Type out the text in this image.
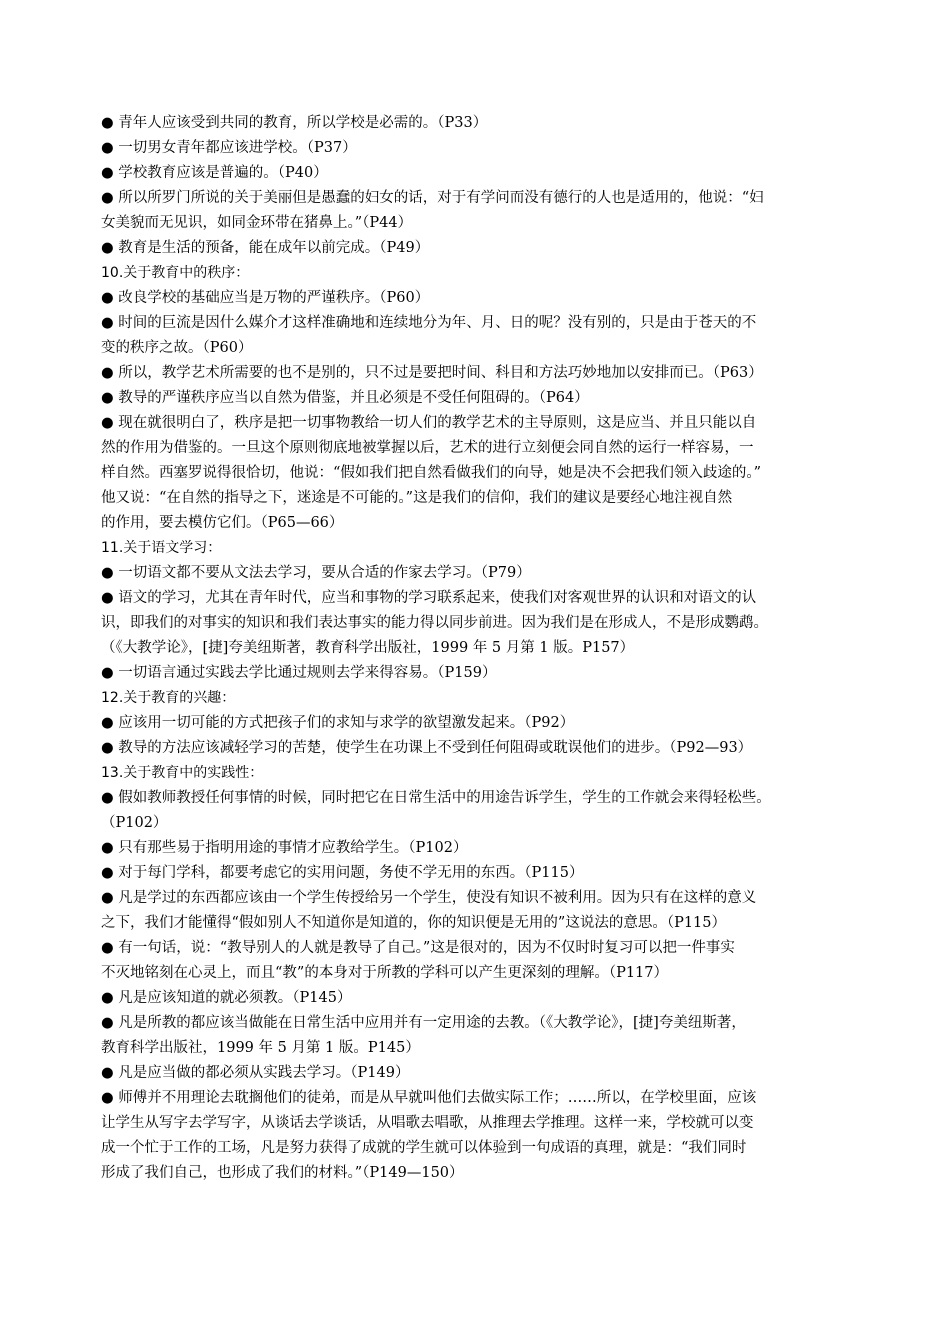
● 青年人应该受到共同的教育，所以学校是必需的。（P33）
● 一切男女青年都应该进学校。（P37）
● 学校教育应该是普遍的。（P40）
● 所以所罗门所说的关于美丽但是愚蠢的妇女的话，对于有学问而没有德行的人也是适用的，他说：“妇
女美貌而无见识，如同金环带在猪鼻上。”（P44）
● 教育是生活的预备，能在成年以前完成。（P49）
10.关于教育中的秩序：
● 改良学校的基础应当是万物的严谨秩序。（P60）
● 时间的巨流是因什么媒介才这样准确地和连续地分为年、月、日的呢？没有别的，只是由于苍天的不
变的秩序之故。（P60）
● 所以，教学艺术所需要的也不是别的，只不过是要把时间、科目和方法巧妙地加以安排而已。（P63）
● 教导的严谨秩序应当以自然为借鉴，并且必须是不受任何阻碍的。（P64）
● 现在就很明白了，秩序是把一切事物教给一切人们的教学艺术的主导原则，这是应当、并且只能以自
然的作用为借鉴的。一旦这个原则彻底地被掌握以后，艺术的进行立刻便会同自然的运行一样容易，一
样自然。西塞罗说得很恰切，他说：“假如我们把自然看做我们的向导，她是决不会把我们领入歧途的。”
他又说：“在自然的指导之下，迷途是不可能的。”这是我们的信仰，我们的建议是要经心地注视自然
的作用，要去模仿它们。（P65—66）
11.关于语文学习：
● 一切语文都不要从文法去学习，要从合适的作家去学习。（P79）
● 语文的学习，尤其在青年时代，应当和事物的学习联系起来，使我们对客观世界的认识和对语文的认
识，即我们的对事实的知识和我们表达事实的能力得以同步前进。因为我们是在形成人，不是形成鹦鹉。
（《大教学论》，[捷]夸美纽斯著，教育科学出版社，1999 年 5 月第 1 版。P157）
● 一切语言通过实践去学比通过规则去学来得容易。（P159）
12.关于教育的兴趣：
● 应该用一切可能的方式把孩子们的求知与求学的欲望激发起来。（P92）
● 教导的方法应该减轻学习的苦楚，使学生在功课上不受到任何阻碍或耽误他们的进步。（P92—93）
13.关于教育中的实践性：
● 假如教师教授任何事情的时候，同时把它在日常生活中的用途告诉学生，学生的工作就会来得轻松些。
（P102）
● 只有那些易于指明用途的事情才应教给学生。（P102）
● 对于每门学科，都要考虑它的实用问题，务使不学无用的东西。（P115）
● 凡是学过的东西都应该由一个学生传授给另一个学生，使没有知识不被利用。因为只有在这样的意义
之下，我们才能懂得“假如别人不知道你是知道的，你的知识便是无用的”这说法的意思。（P115）
● 有一句话，说：“教导别人的人就是教导了自己。”这是很对的，因为不仅时时复习可以把一件事实
不灭地铭刻在心灵上，而且“教”的本身对于所教的学科可以产生更深刻的理解。（P117）
● 凡是应该知道的就必须教。（P145）
● 凡是所教的都应该当做能在日常生活中应用并有一定用途的去教。（《大教学论》，[捷]夸美纽斯著，
教育科学出版社，1999 年 5 月第 1 版。P145）
● 凡是应当做的都必须从实践去学习。（P149）
● 师傅并不用理论去耽搁他们的徒弟，而是从早就叫他们去做实际工作；……所以，在学校里面，应该
让学生从写字去学写字，从谈话去学谈话，从唱歌去唱歌，从推理去学推理。这样一来，学校就可以变
成一个忙于工作的工场，凡是努力获得了成就的学生就可以体验到一句成语的真理，就是：“我们同时
形成了我们自己，也形成了我们的材料。”（P149—150）
